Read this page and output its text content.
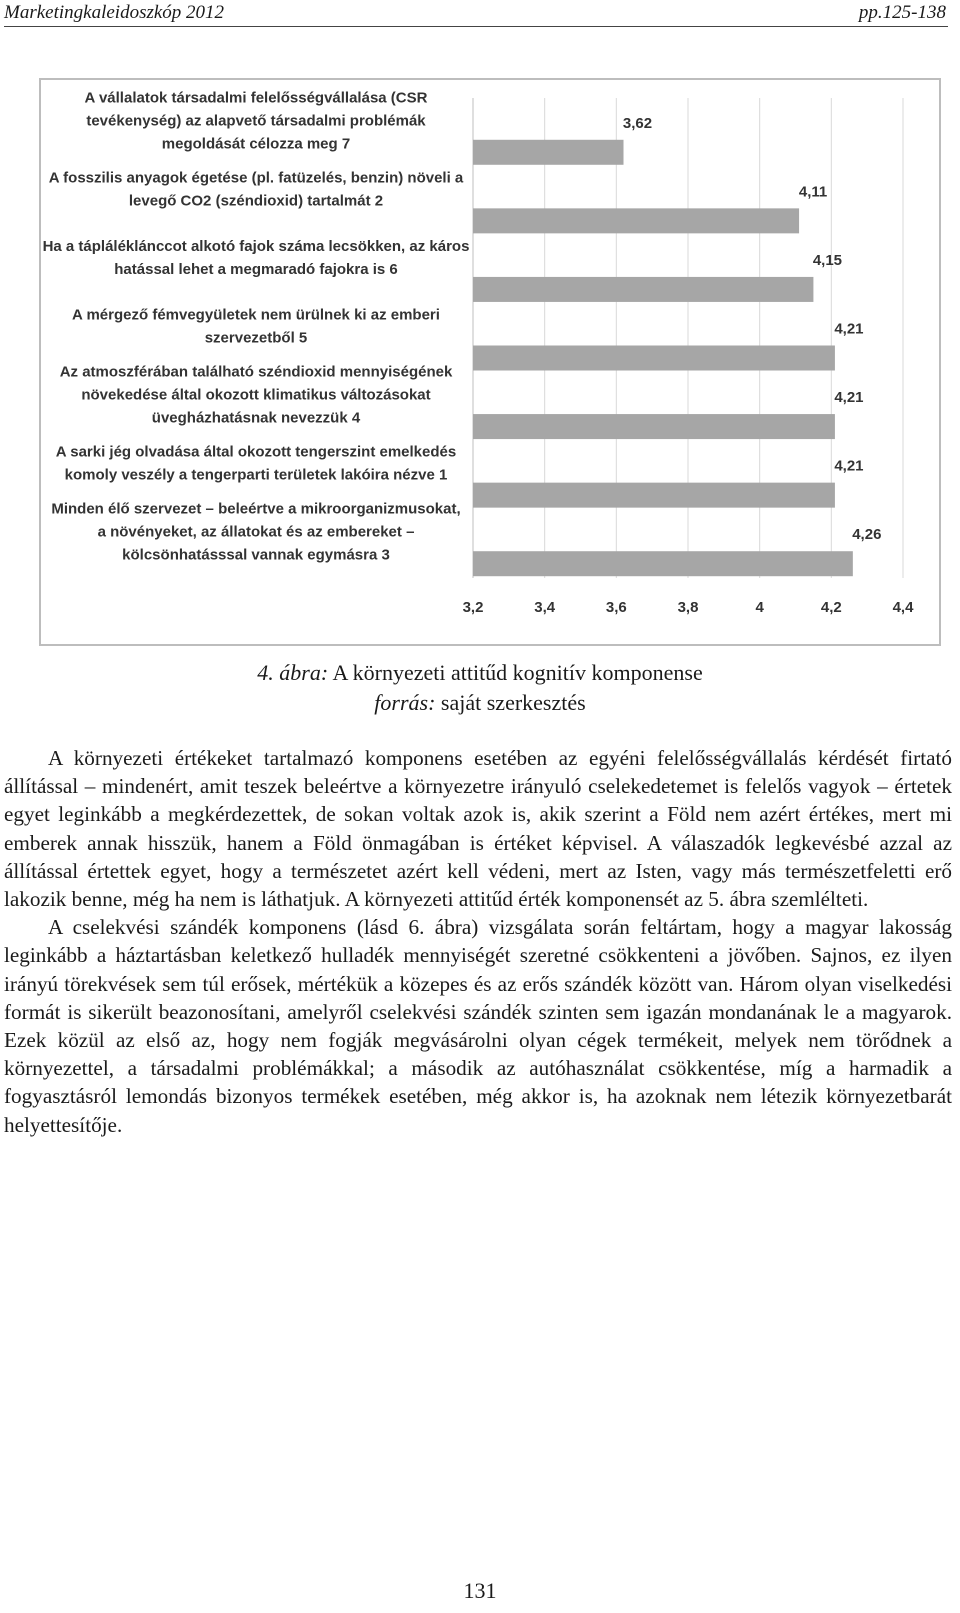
Marketingkaleidoszkóp 2012	pp.125-138
3,62
A vállalatok társadalmi felelősségvállalása (CSR tevékenység) az alapvető társadalmi problémák megoldását célozza meg 7
4,11
A fosszilis anyagok égetése (pl. fatüzelés, benzin) növeli a levegő CO2 (széndioxid) tartalmát 2
4,15
Ha a tápláléklánccot alkotó fajok száma lecsökken, az káros hatással lehet a megmaradó fajokra is 6
4,21
A mérgező fémvegyületek nem ürülnek ki az emberi szervezetből 5
4,21
Az atmoszférában található széndioxid mennyiségének növekedése által okozott klimatikus változásokat üvegházhatásnak nevezzük 4
4,21
A sarki jég olvadása által okozott tengerszint emelkedés komoly veszély a tengerparti területek lakóira nézve 1
4,26
Minden élő szervezet – beleértve a mikroorganizmusokat, a növényeket, az állatokat és az embereket – kölcsönhatásssal vannak egymásra 3
3,2	3,4	3,6	3,8	4	4,2	4,4
4. ábra: A környezeti attitűd kognitív komponense
forrás: saját szerkesztés

A környezeti értékeket tartalmazó komponens esetében az egyéni felelősségvállalás kérdését firtató állítással – mindenért, amit teszek beleértve a környezetre irányuló cselekedetemet is felelős vagyok – értetek egyet leginkább a megkérdezettek, de sokan voltak azok is, akik szerint a Föld nem azért értékes, mert mi emberek annak hisszük, hanem a Föld önmagában is értéket képvisel. A válaszadók legkevésbé azzal az állítással értettek egyet, hogy a természetet azért kell védeni, mert az Isten, vagy más természetfeletti erő lakozik benne, még ha nem is láthatjuk. A környezeti attitűd érték komponensét az 5. ábra szemlélteti.

A cselekvési szándék komponens (lásd 6. ábra) vizsgálata során feltártam, hogy a magyar lakosság leginkább a háztartásban keletkező hulladék mennyiségét szeretné csökkenteni a jövőben. Sajnos, ez ilyen irányú törekvések sem túl erősek, mértékük a közepes és az erős szándék között van. Három olyan viselkedési formát is sikerült beazonosítani, amelyről cselekvési szándék szinten sem igazán mondanának le a magyarok. Ezek közül az első az, hogy nem fogják megvásárolni olyan cégek termékeit, melyek nem törődnek a környezettel, a társadalmi problémákkal; a második az autóhasználat csökkentése, míg a harmadik a fogyasztásról lemondás bizonyos termékek esetében, még akkor is, ha azoknak nem létezik környezetbarát helyettesítője.

131
